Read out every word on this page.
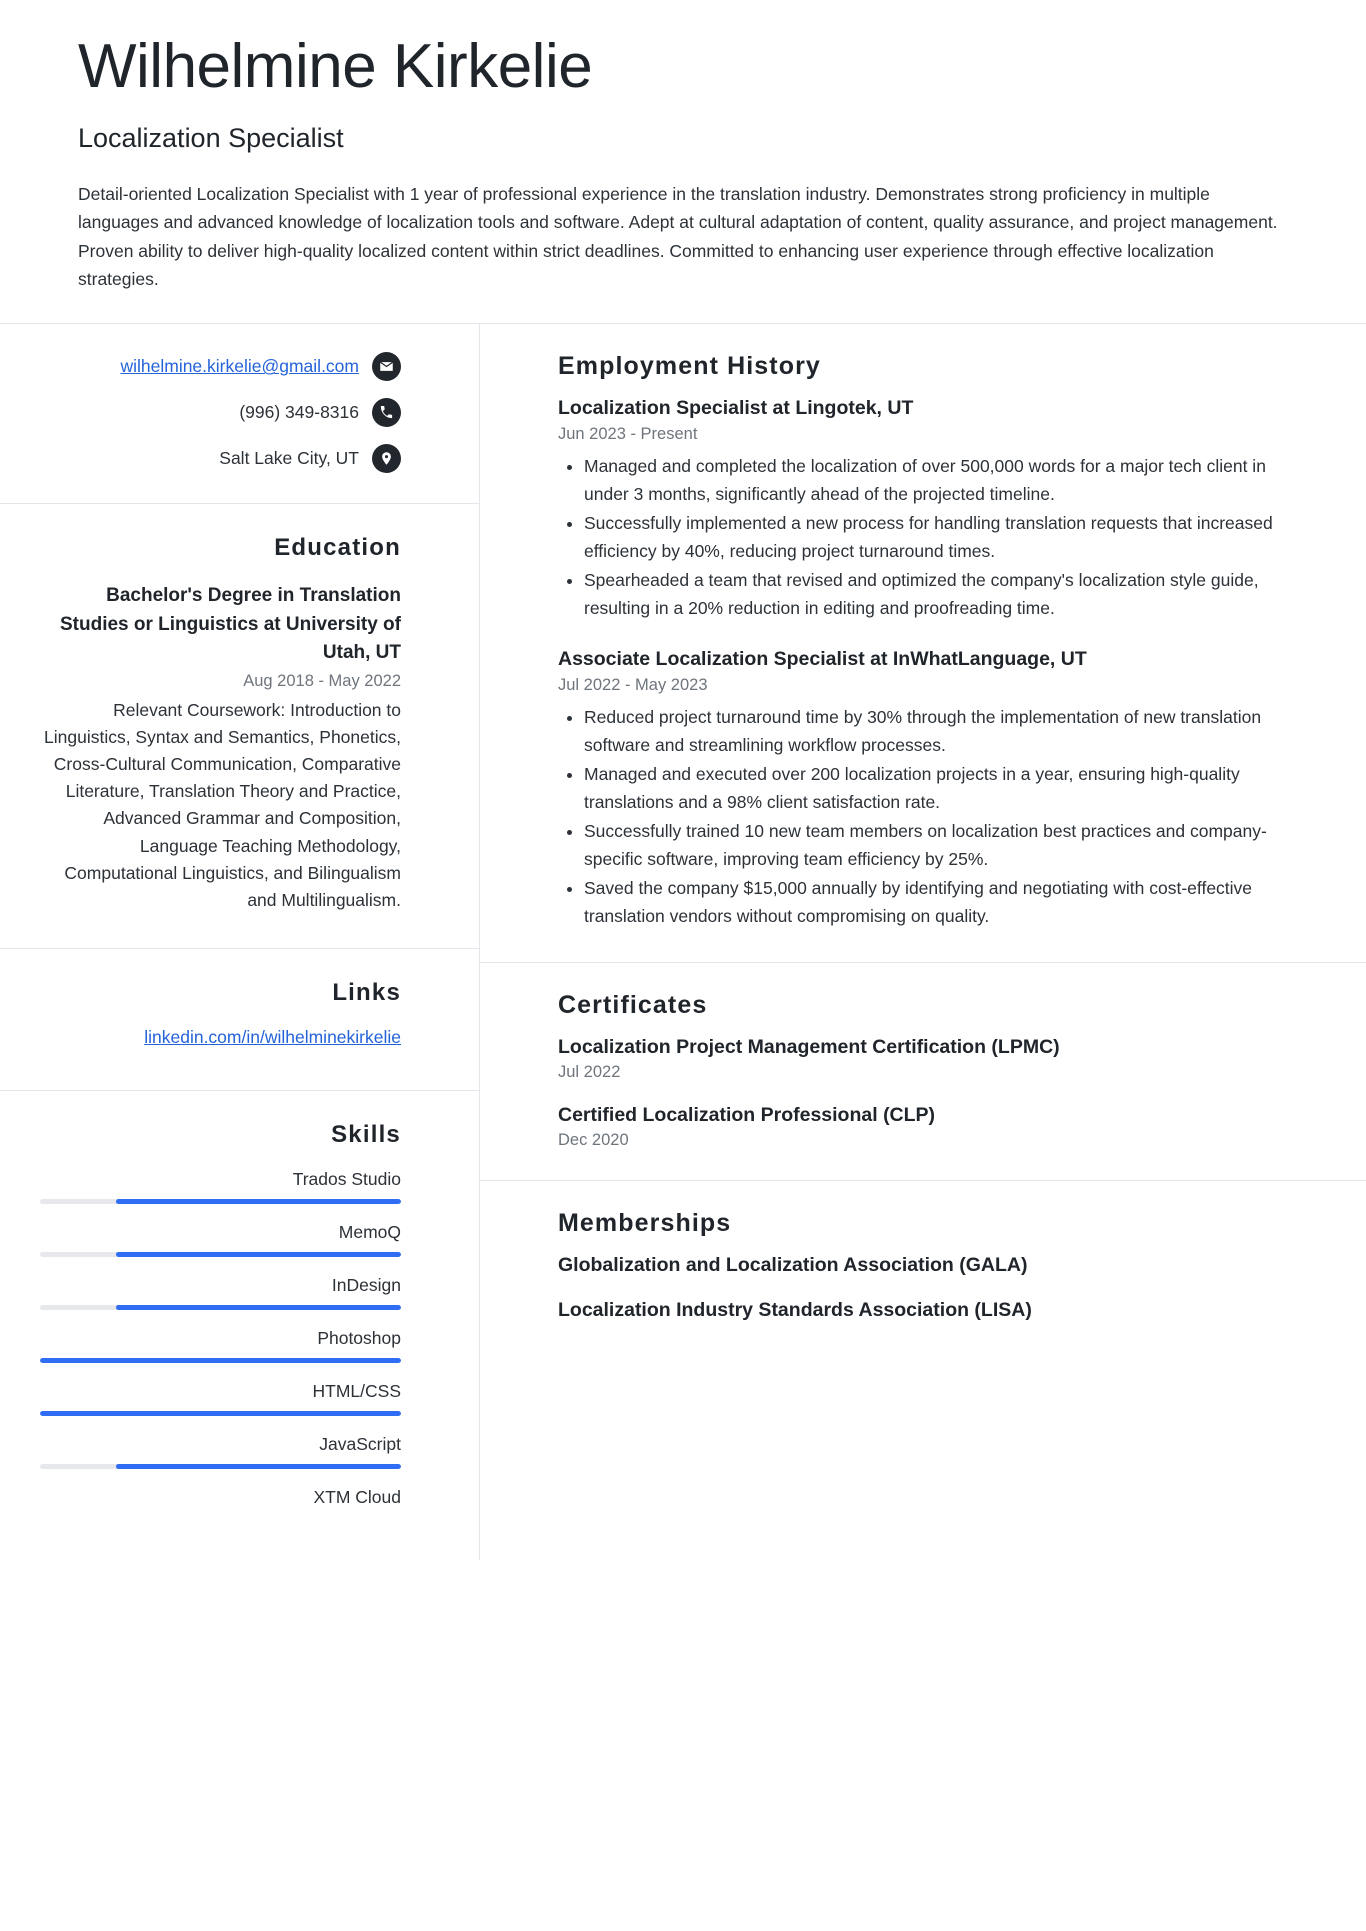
Wilhelmine Kirkelie
Localization Specialist

Detail-oriented Localization Specialist with 1 year of professional experience in the translation industry. Demonstrates strong proficiency in multiple languages and advanced knowledge of localization tools and software. Adept at cultural adaptation of content, quality assurance, and project management. Proven ability to deliver high-quality localized content within strict deadlines. Committed to enhancing user experience through effective localization strategies.

wilhelmine.kirkelie@gmail.com
(996) 349-8316
Salt Lake City, UT
Education
Bachelor's Degree in Translation Studies or Linguistics at University of Utah, UT
Aug 2018 - May 2022

Relevant Coursework: Introduction to Linguistics, Syntax and Semantics, Phonetics, Cross-Cultural Communication, Comparative Literature, Translation Theory and Practice, Advanced Grammar and Composition, Language Teaching Methodology, Computational Linguistics, and Bilingualism and Multilingualism.

Links
linkedin.com/in/wilhelminekirkelie
Skills
Trados Studio
MemoQ
InDesign
Photoshop
HTML/CSS
JavaScript
XTM Cloud
Employment History
Localization Specialist at Lingotek, UT
Jun 2023 - Present
• Managed and completed the localization of over 500,000 words for a major tech client in under 3 months, significantly ahead of the projected timeline.
• Successfully implemented a new process for handling translation requests that increased efficiency by 40%, reducing project turnaround times.
• Spearheaded a team that revised and optimized the company's localization style guide, resulting in a 20% reduction in editing and proofreading time.
Associate Localization Specialist at InWhatLanguage, UT
Jul 2022 - May 2023
• Reduced project turnaround time by 30% through the implementation of new translation software and streamlining workflow processes.
• Managed and executed over 200 localization projects in a year, ensuring high-quality translations and a 98% client satisfaction rate.
• Successfully trained 10 new team members on localization best practices and company-specific software, improving team efficiency by 25%.
• Saved the company $15,000 annually by identifying and negotiating with cost-effective translation vendors without compromising on quality.
Certificates
Localization Project Management Certification (LPMC)
Jul 2022
Certified Localization Professional (CLP)
Dec 2020
Memberships
Globalization and Localization Association (GALA)
Localization Industry Standards Association (LISA)
